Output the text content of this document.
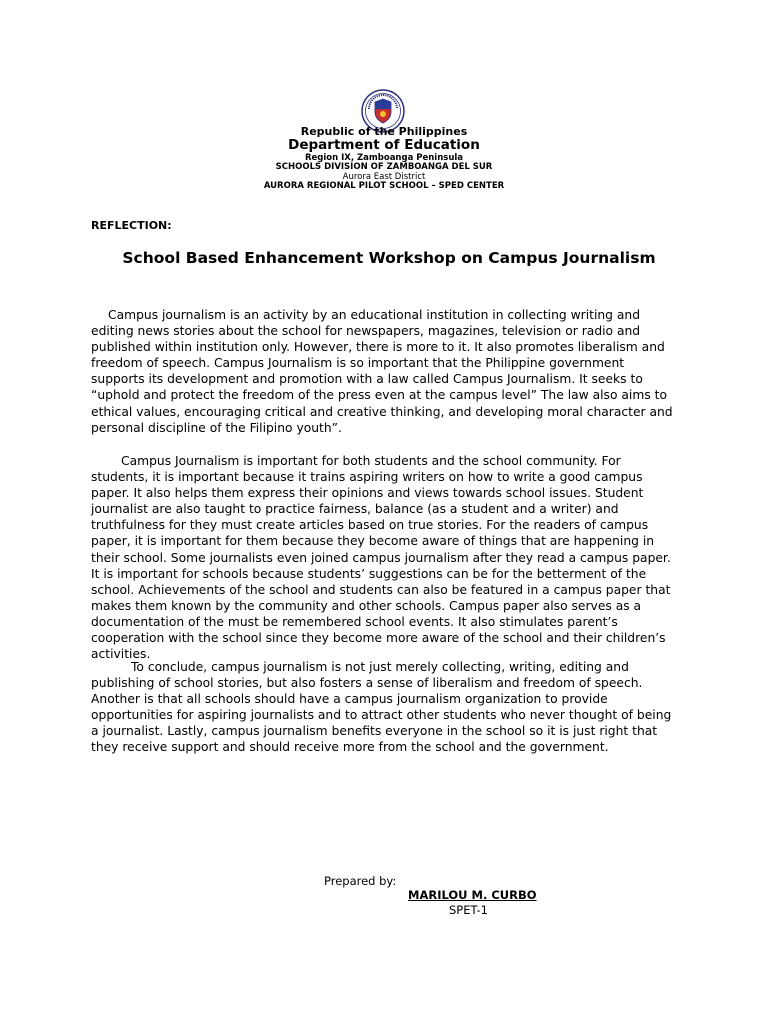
Republic of the Philippines
Department of Education
Region IX, Zamboanga Peninsula
SCHOOLS DIVISION OF ZAMBOANGA DEL SUR
Aurora East District
AURORA REGIONAL PILOT SCHOOL – SPED CENTER
REFLECTION:
School Based Enhancement Workshop on Campus Journalism

Campus journalism is an activity by an educational institution in collecting writing and editing news stories about the school for newspapers, magazines, television or radio and published within institution only. However, there is more to it. It also promotes liberalism and freedom of speech. Campus Journalism is so important that the Philippine government supports its development and promotion with a law called Campus Journalism. It seeks to “uphold and protect the freedom of the press even at the campus level” The law also aims to ethical values, encouraging critical and creative thinking, and developing moral character and personal discipline of the Filipino youth”.

Campus Journalism is important for both students and the school community. For students, it is important because it trains aspiring writers on how to write a good campus paper. It also helps them express their opinions and views towards school issues. Student journalist are also taught to practice fairness, balance (as a student and a writer) and truthfulness for they must create articles based on true stories. For the readers of campus paper, it is important for them because they become aware of things that are happening in their school. Some journalists even joined campus journalism after they read a campus paper. It is important for schools because students’ suggestions can be for the betterment of the school. Achievements of the school and students can also be featured in a campus paper that makes them known by the community and other schools. Campus paper also serves as a documentation of the must be remembered school events. It also stimulates parent’s cooperation with the school since they become more aware of the school and their children’s activities.

To conclude, campus journalism is not just merely collecting, writing, editing and publishing of school stories, but also fosters a sense of liberalism and freedom of speech. Another is that all schools should have a campus journalism organization to provide opportunities for aspiring journalists and to attract other students who never thought of being a journalist. Lastly, campus journalism benefits everyone in the school so it is just right that they receive support and should receive more from the school and the government.

Prepared by:
MARILOU M. CURBO
SPET-1
